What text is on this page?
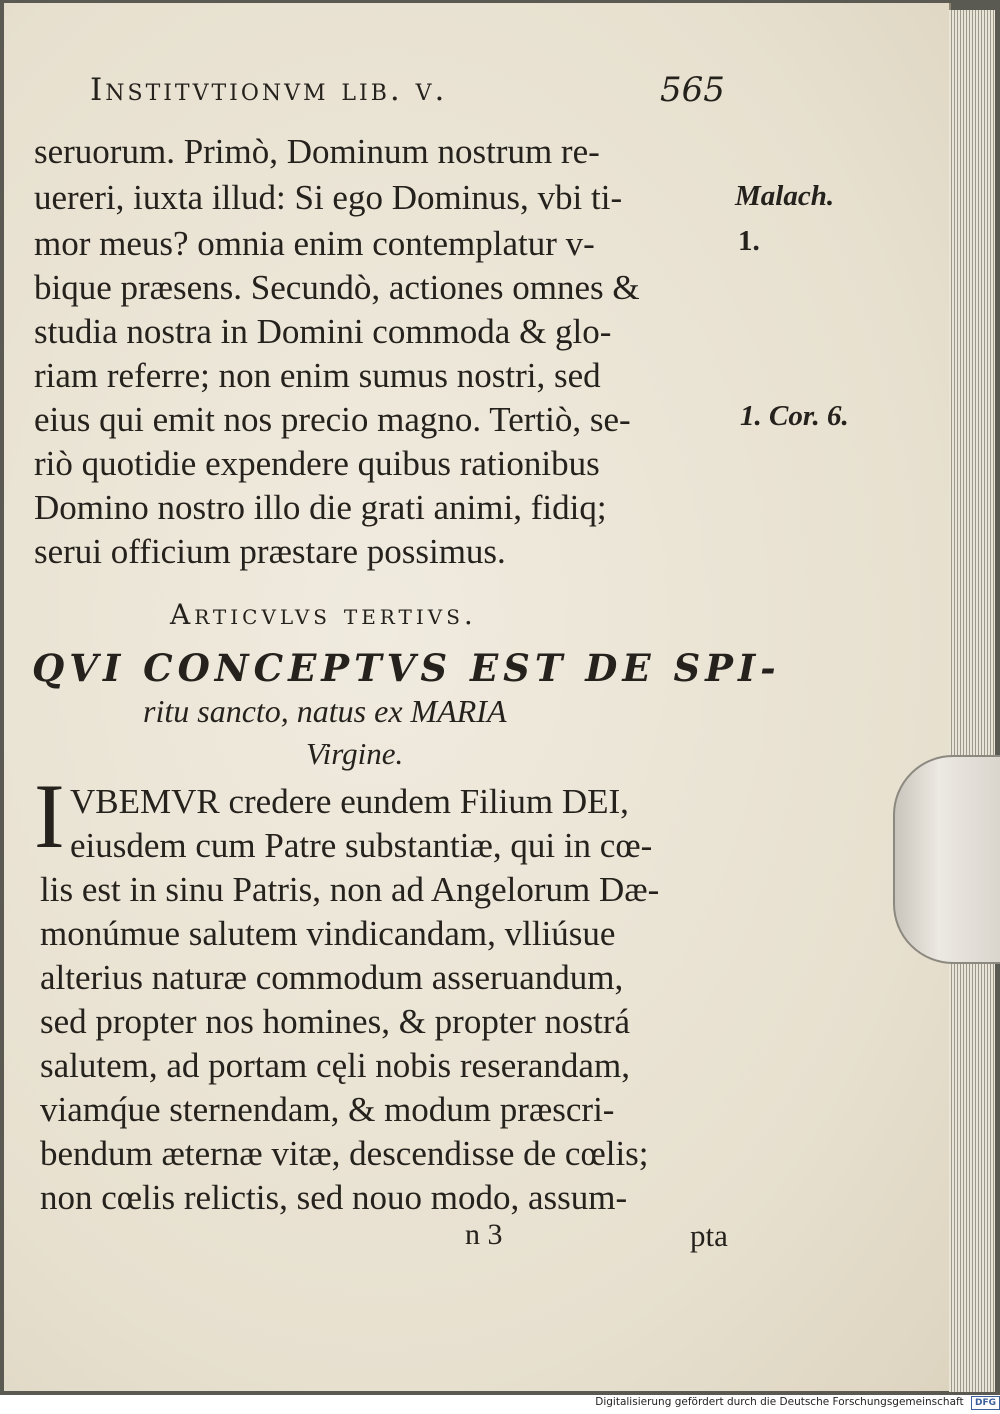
Institvtionvm lib. v.	565
seruorum. Primò, Dominum nostrum re-
uereri, iuxta illud: Si ego Dominus, vbi ti-
mor meus? omnia enim contemplatur v-
bique præsens. Secundò, actiones omnes &
studia nostra in Domini commoda & glo-
riam referre; non enim sumus nostri, sed
eius qui emit nos precio magno. Tertiò, se-
riò quotidie expendere quibus rationibus
Domino nostro illo die grati animi, fidiq;
serui officium præstare possimus.
Malach.
1.
1. Cor. 6.
Articvlvs tertivs.
QVI CONCEPTVS EST DE SPI-
ritu sancto, natus ex MARIA
Virgine.
I VBEMVR credere eundem Filium DEI,
eiusdem cum Patre substantiæ, qui in cœ-
lis est in sinu Patris, non ad Angelorum Dæ-
monúmue salutem vindicandam, vlliúsue
alterius naturæ commodum asseruandum,
sed propter nos homines, & propter nostrá
salutem, ad portam cęli nobis reserandam,
viamq́ue sternendam, & modum præscri-
bendum æternæ vitæ, descendisse de cœlis;
non cœlis relictis, sed nouo modo, assum-
n 3	pta
Digitalisierung gefördert durch die Deutsche Forschungsgemeinschaft DFG
